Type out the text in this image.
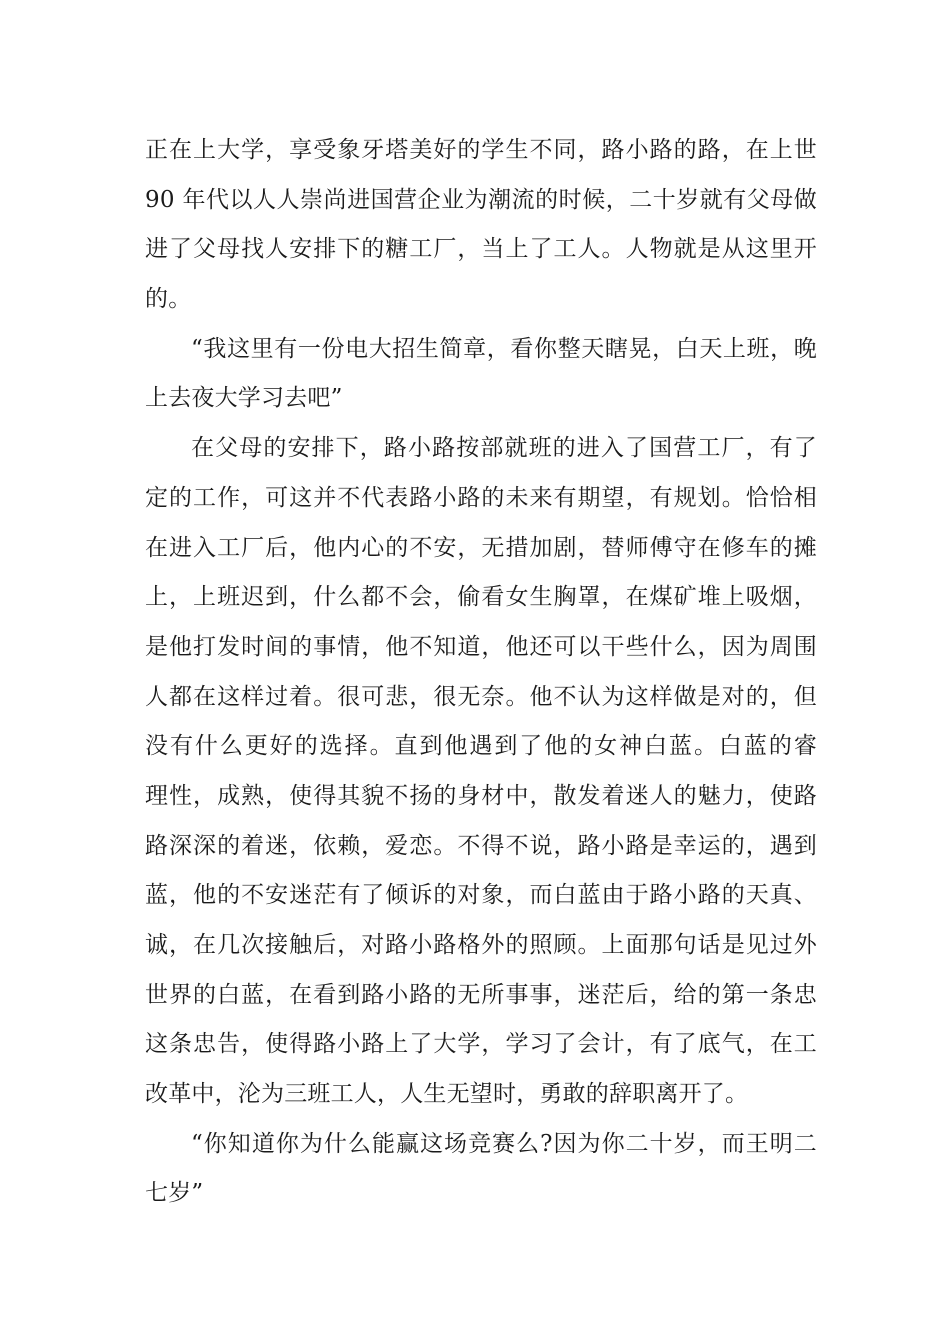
正在上大学，享受象牙塔美好的学生不同，路小路的路，在上世
90 年代以人人崇尚进国营企业为潮流的时候，二十岁就有父母做
进了父母找人安排下的糖工厂，当上了工人。人物就是从这里开
的。
“我这里有一份电大招生简章，看你整天瞎晃，白天上班，晚
上去夜大学习去吧”
在父母的安排下，路小路按部就班的进入了国营工厂，有了
定的工作，可这并不代表路小路的未来有期望，有规划。恰恰相
在进入工厂后，他内心的不安，无措加剧，替师傅守在修车的摊
上，上班迟到，什么都不会，偷看女生胸罩，在煤矿堆上吸烟，
是他打发时间的事情，他不知道，他还可以干些什么，因为周围
人都在这样过着。很可悲，很无奈。他不认为这样做是对的，但
没有什么更好的选择。直到他遇到了他的女神白蓝。白蓝的睿
理性，成熟，使得其貌不扬的身材中，散发着迷人的魅力，使路
路深深的着迷，依赖，爱恋。不得不说，路小路是幸运的，遇到
蓝，他的不安迷茫有了倾诉的对象，而白蓝由于路小路的天真、
诚，在几次接触后，对路小路格外的照顾。上面那句话是见过外
世界的白蓝，在看到路小路的无所事事，迷茫后，给的第一条忠
这条忠告，使得路小路上了大学，学习了会计，有了底气，在工
改革中，沦为三班工人，人生无望时，勇敢的辞职离开了。
“你知道你为什么能赢这场竞赛么?因为你二十岁，而王明二
七岁”
